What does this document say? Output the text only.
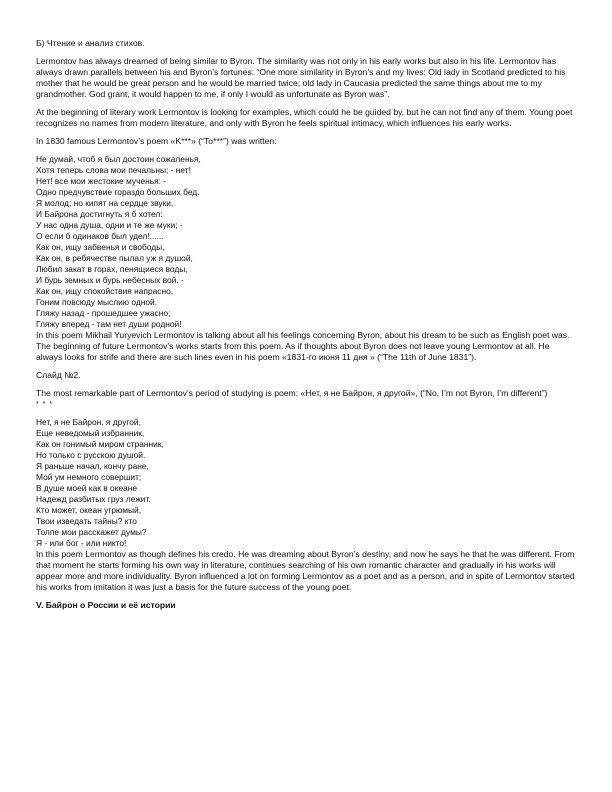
Б) Чтение и анализ стихов.

Lermontov has always dreamed of being similar to Byron. The similarity was not only in his early works but also in his life. Lermontov has always drawn parallels between his and Byron’s fortunes: “One more similarity in Byron’s and my lives: Old lady in Scotland predicted to his mother that he would be great person and he would be married twice; old lady in Caucasia predicted the same things about me to my grandmother. God grant, it would happen to me, if only I would as unfortunate as Byron was”.

At the beginning of literary work Lermontov is looking for examples, which could he be guided by, but he can not find any of them. Young poet recognizes no names from modern literature, and only with Byron he feels spiritual intimacy, which influences his early works.

In 1830 famous Lermontov’s poem «K***» (“To***”) was written:

Не думай, чтоб я был достоин сожаленья,
Хотя теперь слова мои печальны; - нет!
Нет! все мои жестокие мученья: -
Одно предчувствие гораздо больших бед.
Я молод; но кипят на сердце звуки,
И Байрона достигнуть я б хотел:
У нас одна душа, одни и те же муки; -
О если б одинаков был удел!......
Как он, ищу забвенья и свободы,
Как он, в ребячестве пылал уж я душой,
Любил закат в горах, пенящиеся воды,
И бурь земных и бурь небесных вой. -
Как он, ищу спокойствия напрасно,
Гоним повсюду мыслию одной.
Гляжу назад - прошедшее ужасно;
Гляжу вперед - там нет души родной!

In this poem Mikhail Yuryevich Lermontov is talking about all his feelings concerning Byron, about his dream to be such as English poet was. The beginning of future Lermontov’s works starts from this poem. As if thoughts about Byron does not leave young Lermontov at all. He always looks for strife and there are such lines even in his poem «1831-го июня 11 дня » (“The 11th of June 1831”).

Слайд №2.

The most remarkable part of Lermontov’s period of studying is poem: «Нет, я не Байрон, я другой», (“No, I’m not Byron, I’m different”)

* * *

Нет, я не Байрон, я другой,
Еще неведомый избранник,
Как он гонимый миром странник,
Но только с русскою душой.
Я раньше начал, кончу ране,
Мой ум немного совершит;
В душе моей как в океане
Надежд разбитых груз лежит.
Кто может, океан угрюмый,
Твои изведать тайны? кто
Толпе мои расскажет думы?
Я - или бог - или никто!

In this poem Lermontov as though defines his credo. He was dreaming about Byron’s destiny, and now he says he that he was different. From that moment he starts forming his own way in literature, continues searching of his own romantic character and gradually in his works will appear more and more individuality. Byron influenced a lot on forming Lermontov as a poet and as a person, and in spite of Lermontov started his works from imitation it was just a basis for the future success of the young poet.

V. Байрон о России и её истории
